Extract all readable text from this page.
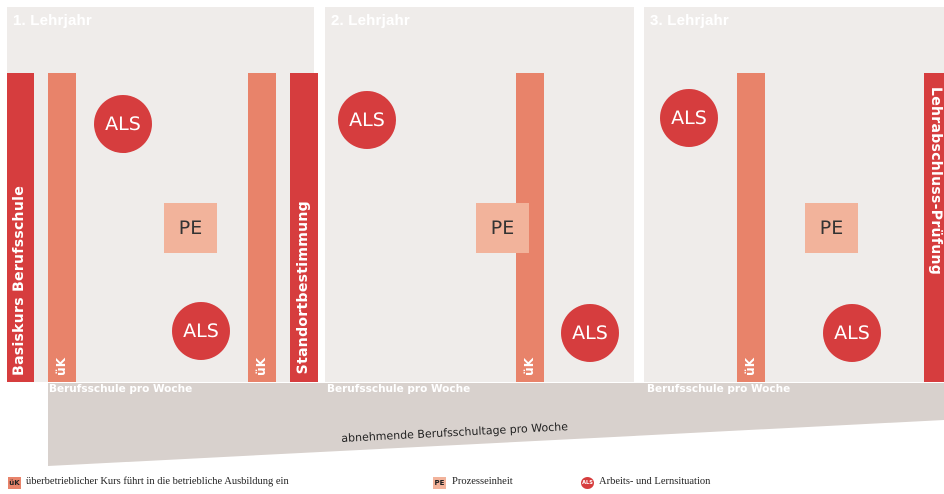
1. Lehrjahr	2. Lehrjahr	3. Lehrjahr
Basiskurs Berufsschule üK	üK	üK	üK
Standortbestimmung
Lehrabschluss-Prüfung
ALS
ALS
ALS
ALS
ALS
ALS
PE	PE	PE
Berufsschule pro Woche	Berufsschule pro Woche	Berufsschule pro Woche
abnehmende Berufsschultage pro Woche
üK überbetrieblicher Kurs führt in die betriebliche Ausbildung ein	PE Prozesseinheit	ALS Arbeits- und Lernsituation
